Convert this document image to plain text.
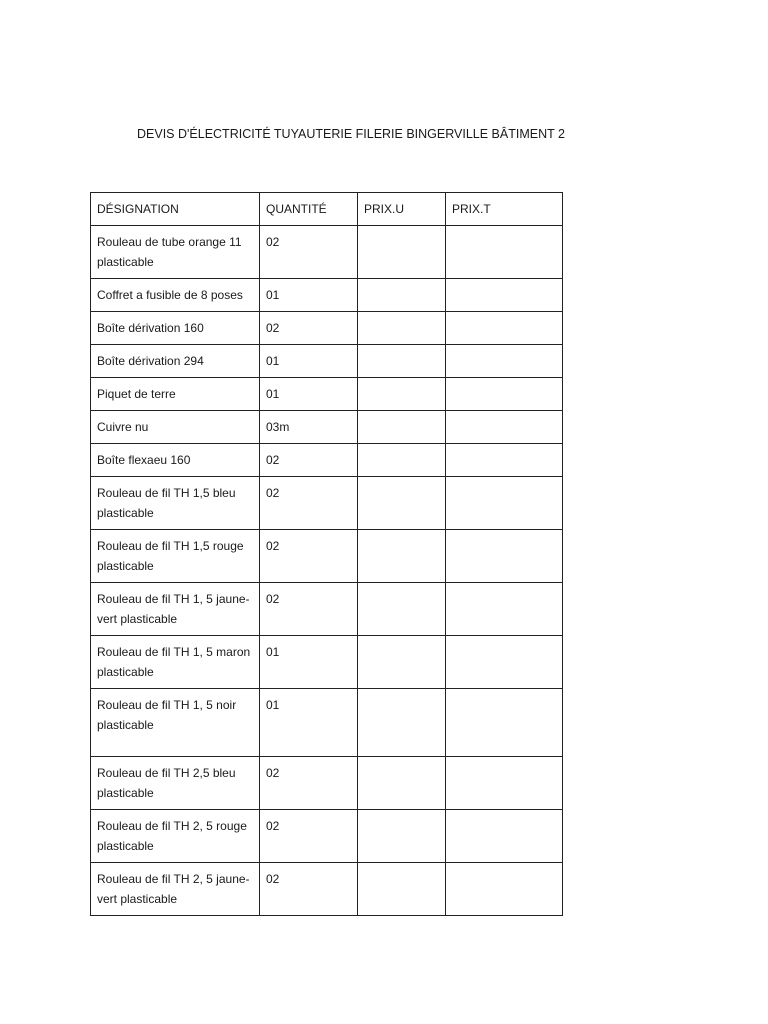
DEVIS D'ÉLECTRICITÉ TUYAUTERIE FILERIE BINGERVILLE BÂTIMENT 2
DÉSIGNATION	QUANTITÉ	PRIX.U	PRIX.T
Rouleau de tube orange 11 plasticable	02		
Coffret a fusible de 8 poses	01		
Boîte dérivation 160	02		
Boîte dérivation 294	01		
Piquet de terre	01		
Cuivre nu	03m		
Boîte flexaeu 160	02		
Rouleau de fil TH 1,5 bleu plasticable	02		
Rouleau de fil TH 1,5 rouge plasticable	02		
Rouleau de fil TH 1, 5 jaune-vert plasticable	02		
Rouleau de fil TH 1, 5 maron plasticable	01		
Rouleau de fil TH 1, 5 noir plasticable	01		
Rouleau de fil TH 2,5 bleu plasticable	02		
Rouleau de fil TH 2, 5 rouge plasticable	02		
Rouleau de fil TH 2, 5 jaune-vert plasticable	02		
